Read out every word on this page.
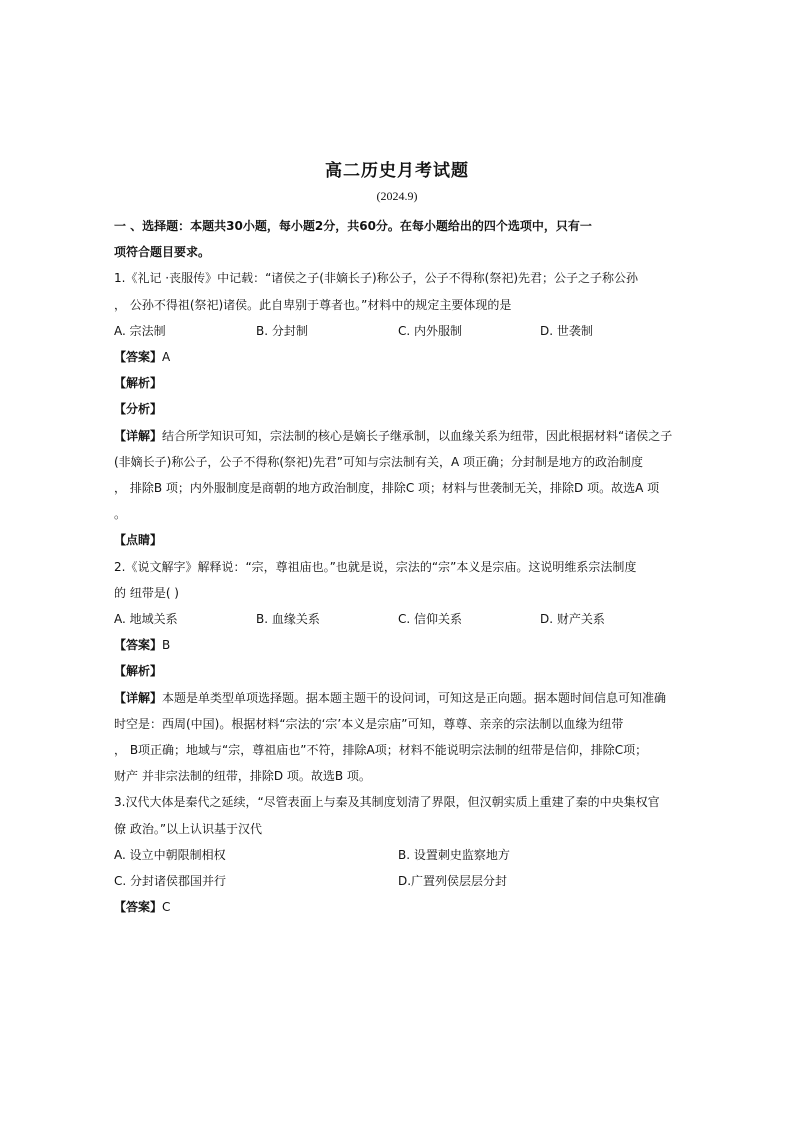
高二历史月考试题
(2024.9)

一 、选择题：本题共30小题，每小题2分，共60分。在每小题给出的四个选项中，只有一

项符合题目要求。

1.《礼记 ·丧服传》中记载：“诸侯之子(非嫡长子)称公子，公子不得称(祭祀)先君；公子之子称公孙

， 公孙不得祖(祭祀)诸侯。此自卑别于尊者也。”材料中的规定主要体现的是

A. 宗法制	B. 分封制	C. 内外服制	D. 世袭制

【答案】A

【解析】

【分析】

【详解】结合所学知识可知，宗法制的核心是嫡长子继承制，以血缘关系为纽带，因此根据材料“诸侯之子

(非嫡长子)称公子，公子不得称(祭祀)先君”可知与宗法制有关，A 项正确；分封制是地方的政治制度

， 排除B 项；内外服制度是商朝的地方政治制度，排除C 项；材料与世袭制无关，排除D 项。故选A 项

。

【点睛】

2.《说文解字》解释说：“宗，尊祖庙也。”也就是说，宗法的“宗”本义是宗庙。这说明维系宗法制度

的 纽带是( )

A. 地域关系	B. 血缘关系	C. 信仰关系	D. 财产关系

【答案】B

【解析】

【详解】本题是单类型单项选择题。据本题主题干的设问词，可知这是正向题。据本题时间信息可知准确

时空是：西周(中国)。根据材料“宗法的‘宗’本义是宗庙”可知，尊尊、亲亲的宗法制以血缘为纽带

， B项正确；地域与“宗，尊祖庙也”不符，排除A项；材料不能说明宗法制的纽带是信仰，排除C项；

财产 并非宗法制的纽带，排除D 项。故选B 项。

3.汉代大体是秦代之延续，“尽管表面上与秦及其制度划清了界限，但汉朝实质上重建了秦的中央集权官

僚 政治。”以上认识基于汉代

A. 设立中朝限制相权	B. 设置刺史监察地方
C. 分封诸侯郡国并行	D.广置列侯层层分封

【答案】C
